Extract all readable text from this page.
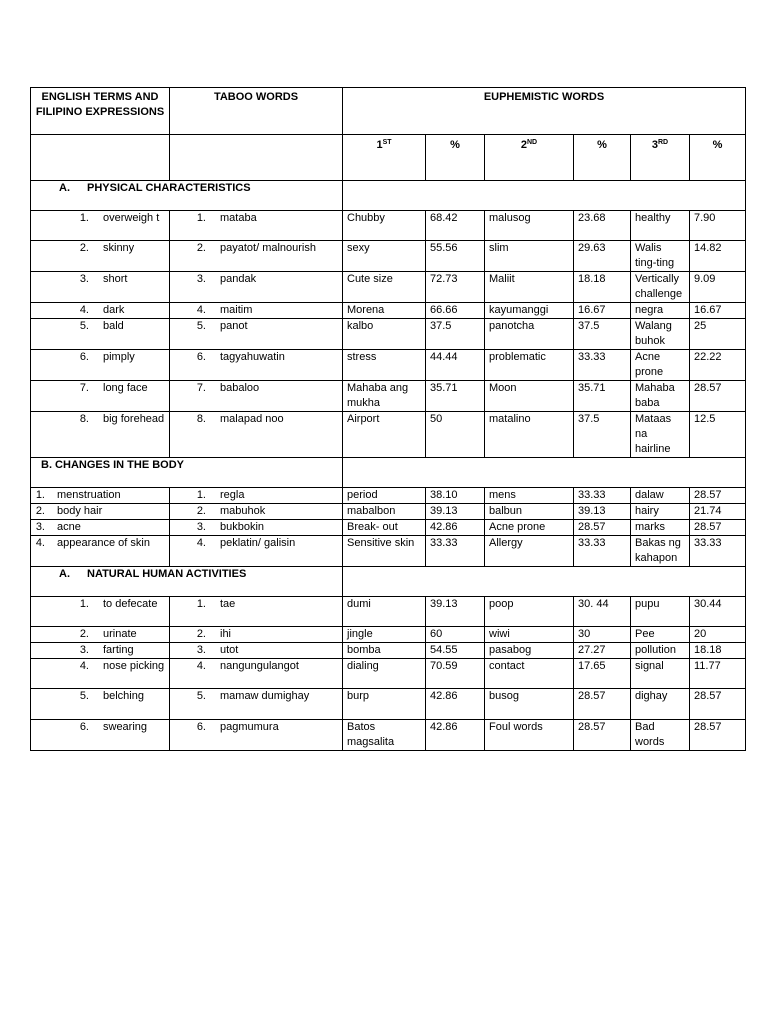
ENGLISH TERMS AND FILIPINO EXPRESSIONS	TABOO WORDS	EUPHEMISTIC WORDS					
		1ST	%	2ND	%	3RD	%

A. PHYSICAL CHARACTERISTICS							

1. overweigh t	1. mataba	Chubby	68.42	malusog	23.68	healthy	7.90

2. skinny	2. payatot/ malnourish	sexy	55.56	slim	29.63	Walis ting-ting	14.82

3. short	3. pandak	Cute size	72.73	Maliit	18.18	Vertically challenge	9.09

4. dark	4. maitim	Morena	66.66	kayumanggi	16.67	negra	16.67

5. bald	5. panot	kalbo	37.5	panotcha	37.5	Walang buhok	25

6. pimply	6. tagyahuwatin	stress	44.44	problematic	33.33	Acne prone	22.22

7. long face	7. babaloo	Mahaba ang mukha	35.71	Moon	35.71	Mahaba baba	28.57

8. big forehead	8. malapad noo	Airport	50	matalino	37.5	Mataas na hairline	12.5

B. CHANGES IN THE BODY							

1. menstruation	1. regla	period	38.10	mens	33.33	dalaw	28.57

2. body hair	2. mabuhok	mabalbon	39.13	balbun	39.13	hairy	21.74

3. acne	3. bukbokin	Break- out	42.86	Acne prone	28.57	marks	28.57

4. appearance of skin	4. peklatin/ galisin	Sensitive skin	33.33	Allergy	33.33	Bakas ng kahapon	33.33

A. NATURAL HUMAN ACTIVITIES							

1. to defecate	1. tae	dumi	39.13	poop	30. 44	pupu	30.44

2. urinate	2. ihi	jingle	60	wiwi	30	Pee	20

3. farting	3. utot	bomba	54.55	pasabog	27.27	pollution	18.18

4. nose picking	4. nangungulangot	dialing	70.59	contact	17.65	signal	11.77

5. belching	5. mamaw dumighay	burp	42.86	busog	28.57	dighay	28.57

6. swearing	6. pagmumura	Batos magsalita	42.86	Foul words	28.57	Bad words	28.57
